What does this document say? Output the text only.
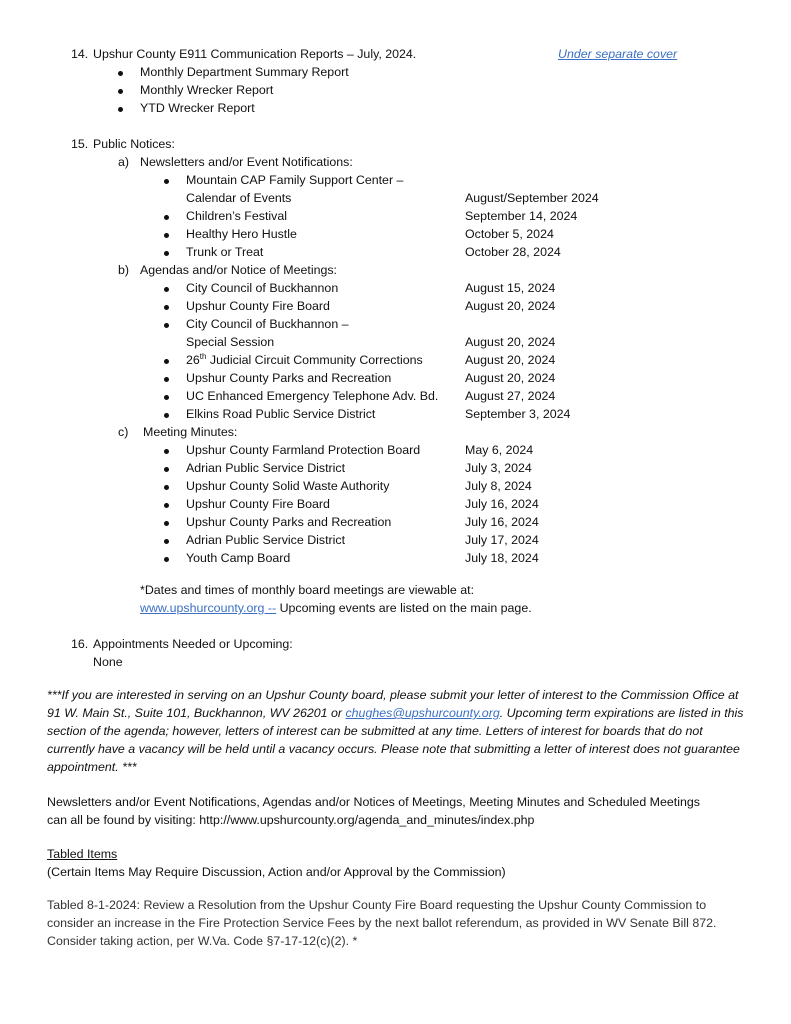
14. Upshur County E911 Communication Reports – July, 2024.	Under separate cover
Monthly Department Summary Report
Monthly Wrecker Report
YTD Wrecker Report
15. Public Notices:
a) Newsletters and/or Event Notifications:
Mountain CAP Family Support Center –
Calendar of Events	August/September 2024
Children’s Festival	September 14, 2024
Healthy Hero Hustle	October 5, 2024
Trunk or Treat	October 28, 2024
b) Agendas and/or Notice of Meetings:
City Council of Buckhannon	August 15, 2024
Upshur County Fire Board	August 20, 2024
City Council of Buckhannon –
Special Session	August 20, 2024
26th Judicial Circuit Community Corrections	August 20, 2024
Upshur County Parks and Recreation	August 20, 2024
UC Enhanced Emergency Telephone Adv. Bd. August 27, 2024
Elkins Road Public Service District	September 3, 2024
c) Meeting Minutes:
Upshur County Farmland Protection Board	May 6, 2024
Adrian Public Service District	July 3, 2024
Upshur County Solid Waste Authority	July 8, 2024
Upshur County Fire Board	July 16, 2024
Upshur County Parks and Recreation	July 16, 2024
Adrian Public Service District	July 17, 2024
Youth Camp Board	July 18, 2024
*Dates and times of monthly board meetings are viewable at:
www.upshurcounty.org -- Upcoming events are listed on the main page.
16. Appointments Needed or Upcoming:
None
***If you are interested in serving on an Upshur County board, please submit your letter of interest to the Commission Office at 91 W. Main St., Suite 101, Buckhannon, WV 26201 or chughes@upshurcounty.org. Upcoming term expirations are listed in this section of the agenda; however, letters of interest can be submitted at any time. Letters of interest for boards that do not currently have a vacancy will be held until a vacancy occurs. Please note that submitting a letter of interest does not guarantee appointment. ***
Newsletters and/or Event Notifications, Agendas and/or Notices of Meetings, Meeting Minutes and Scheduled Meetings
can all be found by visiting: http://www.upshurcounty.org/agenda_and_minutes/index.php
Tabled Items
(Certain Items May Require Discussion, Action and/or Approval by the Commission)
Tabled 8-1-2024: Review a Resolution from the Upshur County Fire Board requesting the Upshur County Commission to consider an increase in the Fire Protection Service Fees by the next ballot referendum, as provided in WV Senate Bill 872. Consider taking action, per W.Va. Code §7-17-12(c)(2). *
